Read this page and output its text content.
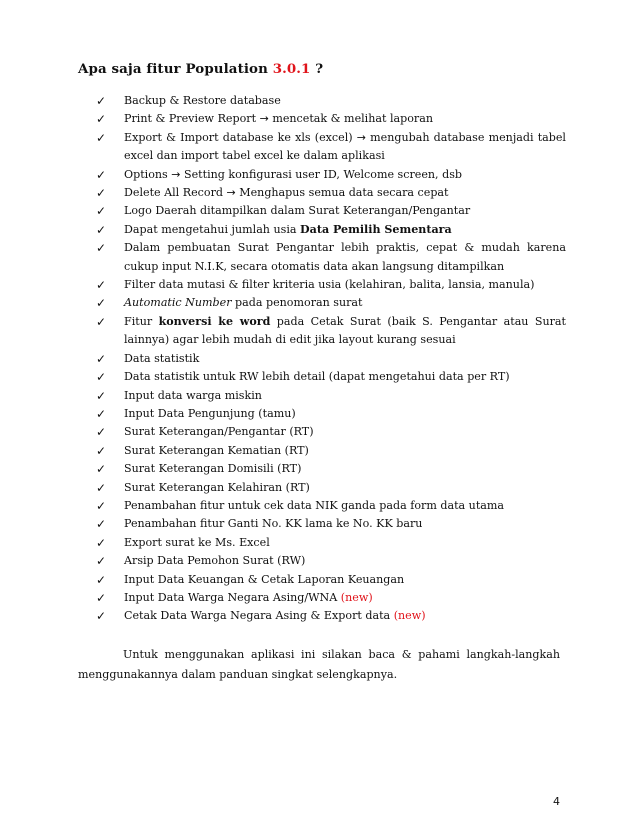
Apa saja fitur Population 3.0.1 ?
✓ Backup & Restore database
✓ Print & Preview Report → mencetak & melihat laporan
✓ Export & Import database ke xls (excel) → mengubah database menjadi tabel excel dan import tabel excel ke dalam aplikasi
✓ Options → Setting konfigurasi user ID, Welcome screen, dsb
✓ Delete All Record → Menghapus semua data secara cepat
✓ Logo Daerah ditampilkan dalam Surat Keterangan/Pengantar
✓ Dapat mengetahui jumlah usia Data Pemilih Sementara
✓ Dalam pembuatan Surat Pengantar lebih praktis, cepat & mudah karena cukup input N.I.K, secara otomatis data akan langsung ditampilkan
✓ Filter data mutasi & filter kriteria usia (kelahiran, balita, lansia, manula)
✓ Automatic Number pada penomoran surat
✓ Fitur konversi ke word pada Cetak Surat (baik S. Pengantar atau Surat lainnya) agar lebih mudah di edit jika layout kurang sesuai
✓ Data statistik
✓ Data statistik untuk RW lebih detail (dapat mengetahui data per RT)
✓ Input data warga miskin
✓ Input Data Pengunjung (tamu)
✓ Surat Keterangan/Pengantar (RT)
✓ Surat Keterangan Kematian (RT)
✓ Surat Keterangan Domisili (RT)
✓ Surat Keterangan Kelahiran (RT)
✓ Penambahan fitur untuk cek data NIK ganda pada form data utama
✓ Penambahan fitur Ganti No. KK lama ke No. KK baru
✓ Export surat ke Ms. Excel
✓ Arsip Data Pemohon Surat (RW)
✓ Input Data Keuangan & Cetak Laporan Keuangan
✓ Input Data Warga Negara Asing/WNA (new)
✓ Cetak Data Warga Negara Asing & Export data (new)
Untuk menggunakan aplikasi ini silakan baca & pahami langkah-langkah menggunakannya dalam panduan singkat selengkapnya.
4
